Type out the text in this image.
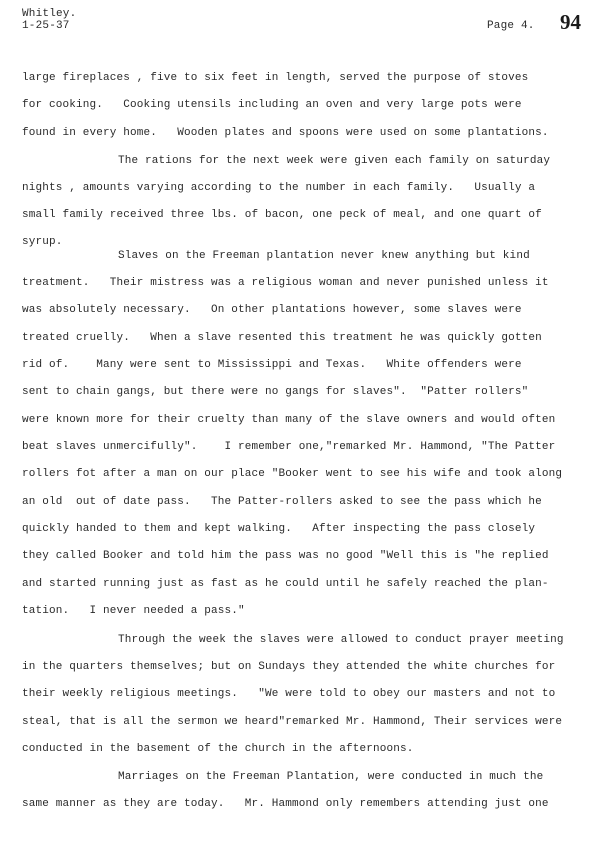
Whitley.
1-25-37	Page 4. 94
large fireplaces , five to six feet in length, served the purpose of stoves
for cooking.   Cooking utensils including an oven and very large pots were
found in every home.   Wooden plates and spoons were used on some plantations.
The rations for the next week were given each family on saturday
nights , amounts varying according to the number in each family.   Usually a
small family received three lbs. of bacon, one peck of meal, and one quart of
syrup.
Slaves on the Freeman plantation never knew anything but kind
treatment.   Their mistress was a religious woman and never punished unless it
was absolutely necessary.   On other plantations however, some slaves were
treated cruelly.   When a slave resented this treatment he was quickly gotten
rid of.    Many were sent to Mississippi and Texas.   White offenders were
sent to chain gangs, but there were no gangs for slaves".  "Patter rollers"
were known more for their cruelty than many of the slave owners and would often
beat slaves unmercifully".    I remember one,"remarked Mr. Hammond, "The Patter
rollers fot after a man on our place "Booker went to see his wife and took along
an old  out of date pass.   The Patter-rollers asked to see the pass which he
quickly handed to them and kept walking.   After inspecting the pass closely
they called Booker and told him the pass was no good "Well this is "he replied
and started running just as fast as he could until he safely reached the plan-
tation.   I never needed a pass."
Through the week the slaves were allowed to conduct prayer meeting
in the quarters themselves; but on Sundays they attended the white churches for
their weekly religious meetings.   "We were told to obey our masters and not to
steal, that is all the sermon we heard"remarked Mr. Hammond, Their services were
conducted in the basement of the church in the afternoons.
Marriages on the Freeman Plantation, were conducted in much the
same manner as they are today.   Mr. Hammond only remembers attending just one
